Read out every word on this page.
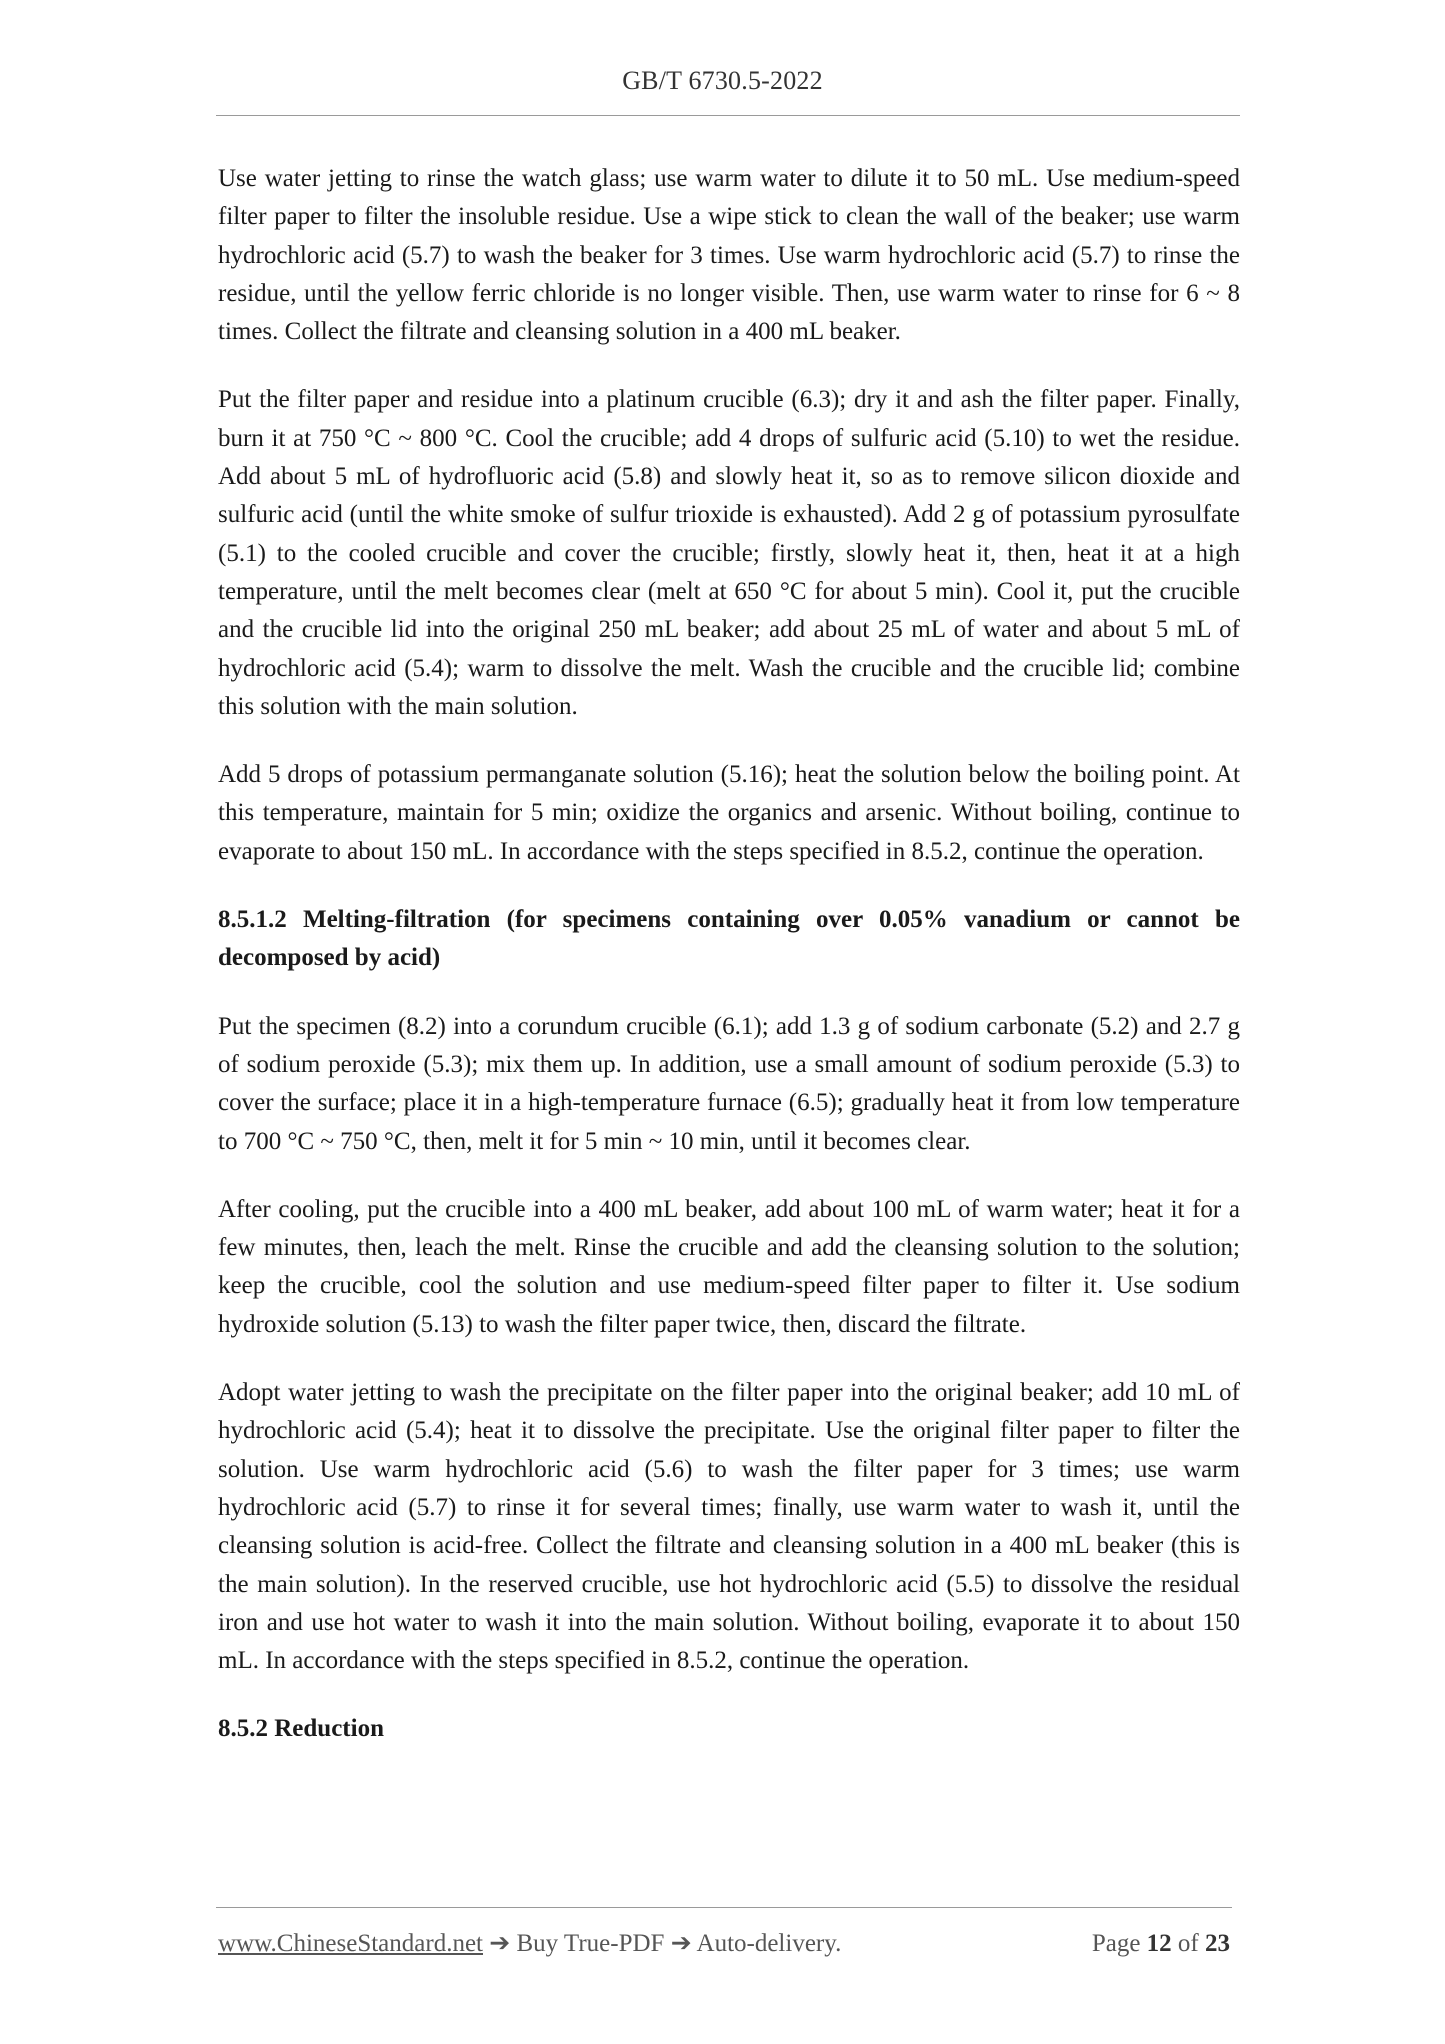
GB/T 6730.5-2022

Use water jetting to rinse the watch glass; use warm water to dilute it to 50 mL. Use medium-speed filter paper to filter the insoluble residue. Use a wipe stick to clean the wall of the beaker; use warm hydrochloric acid (5.7) to wash the beaker for 3 times. Use warm hydrochloric acid (5.7) to rinse the residue, until the yellow ferric chloride is no longer visible. Then, use warm water to rinse for 6 ~ 8 times. Collect the filtrate and cleansing solution in a 400 mL beaker.

Put the filter paper and residue into a platinum crucible (6.3); dry it and ash the filter paper. Finally, burn it at 750 °C ~ 800 °C. Cool the crucible; add 4 drops of sulfuric acid (5.10) to wet the residue. Add about 5 mL of hydrofluoric acid (5.8) and slowly heat it, so as to remove silicon dioxide and sulfuric acid (until the white smoke of sulfur trioxide is exhausted). Add 2 g of potassium pyrosulfate (5.1) to the cooled crucible and cover the crucible; firstly, slowly heat it, then, heat it at a high temperature, until the melt becomes clear (melt at 650 °C for about 5 min). Cool it, put the crucible and the crucible lid into the original 250 mL beaker; add about 25 mL of water and about 5 mL of hydrochloric acid (5.4); warm to dissolve the melt. Wash the crucible and the crucible lid; combine this solution with the main solution.

Add 5 drops of potassium permanganate solution (5.16); heat the solution below the boiling point. At this temperature, maintain for 5 min; oxidize the organics and arsenic. Without boiling, continue to evaporate to about 150 mL. In accordance with the steps specified in 8.5.2, continue the operation.

8.5.1.2 Melting-filtration (for specimens containing over 0.05% vanadium or cannot be decomposed by acid)

Put the specimen (8.2) into a corundum crucible (6.1); add 1.3 g of sodium carbonate (5.2) and 2.7 g of sodium peroxide (5.3); mix them up. In addition, use a small amount of sodium peroxide (5.3) to cover the surface; place it in a high-temperature furnace (6.5); gradually heat it from low temperature to 700 °C ~ 750 °C, then, melt it for 5 min ~ 10 min, until it becomes clear.

After cooling, put the crucible into a 400 mL beaker, add about 100 mL of warm water; heat it for a few minutes, then, leach the melt. Rinse the crucible and add the cleansing solution to the solution; keep the crucible, cool the solution and use medium-speed filter paper to filter it. Use sodium hydroxide solution (5.13) to wash the filter paper twice, then, discard the filtrate.

Adopt water jetting to wash the precipitate on the filter paper into the original beaker; add 10 mL of hydrochloric acid (5.4); heat it to dissolve the precipitate. Use the original filter paper to filter the solution. Use warm hydrochloric acid (5.6) to wash the filter paper for 3 times; use warm hydrochloric acid (5.7) to rinse it for several times; finally, use warm water to wash it, until the cleansing solution is acid-free. Collect the filtrate and cleansing solution in a 400 mL beaker (this is the main solution). In the reserved crucible, use hot hydrochloric acid (5.5) to dissolve the residual iron and use hot water to wash it into the main solution. Without boiling, evaporate it to about 150 mL. In accordance with the steps specified in 8.5.2, continue the operation.

8.5.2 Reduction

www.ChineseStandard.net ➔ Buy True-PDF ➔ Auto-delivery.	Page 12 of 23
